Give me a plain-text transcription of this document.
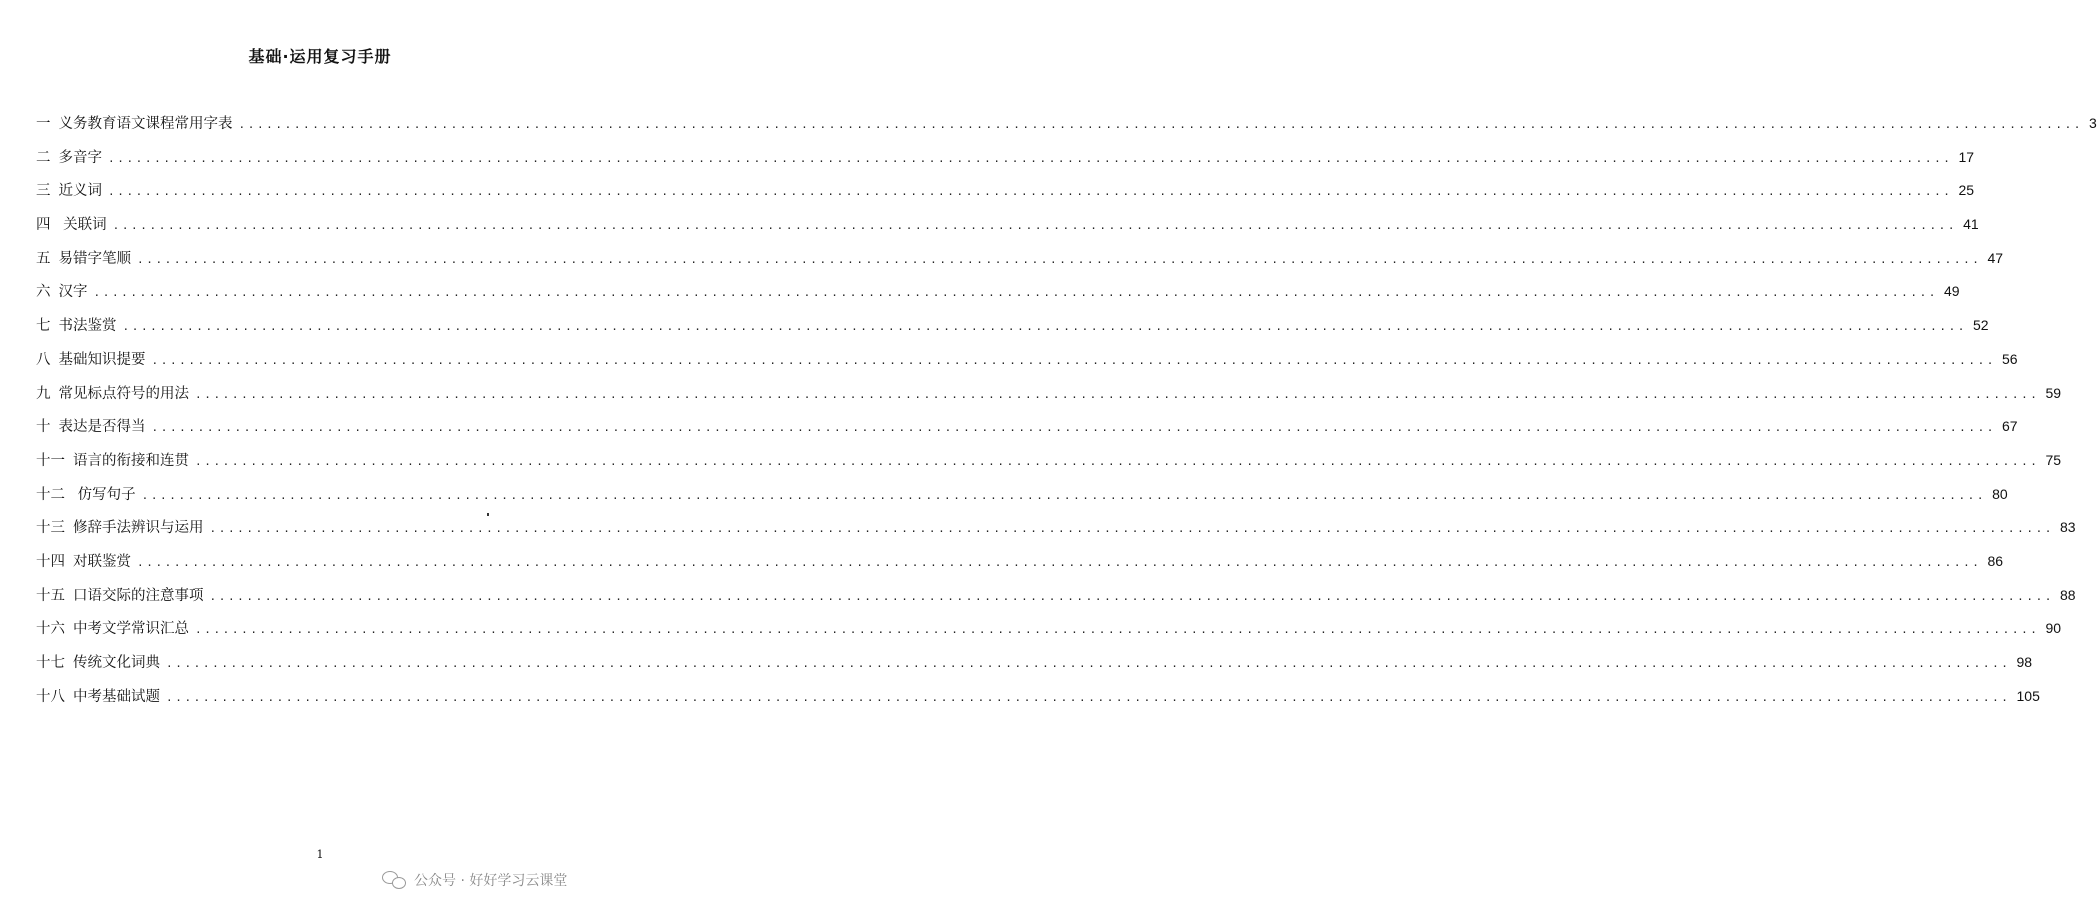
基础·运用复习手册
一 义务教育语文课程常用字表 ........................................................................................................................................................................................................ 3
二 多音字 ........................................................................................................................................................................................................ 17
三 近义词 ........................................................................................................................................................................................................ 25
四 关联词 ........................................................................................................................................................................................................ 41
五 易错字笔顺 ........................................................................................................................................................................................................ 47
六 汉字 ........................................................................................................................................................................................................ 49
七 书法鉴赏 ........................................................................................................................................................................................................ 52
八 基础知识提要 ........................................................................................................................................................................................................ 56
九 常见标点符号的用法 ........................................................................................................................................................................................................ 59
十 表达是否得当 ........................................................................................................................................................................................................ 67
十一 语言的衔接和连贯 ........................................................................................................................................................................................................ 75
十二 仿写句子 ........................................................................................................................................................................................................ 80
十三 修辞手法辨识与运用 ........................................................................................................................................................................................................ 83
十四 对联鉴赏 ........................................................................................................................................................................................................ 86
十五 口语交际的注意事项 ........................................................................................................................................................................................................ 88
十六 中考文学常识汇总 ........................................................................................................................................................................................................ 90
十七 传统文化词典 ........................................................................................................................................................................................................ 98
十八 中考基础试题 ........................................................................................................................................................................................................ 105
1
公众号 · 好好学习云课堂
